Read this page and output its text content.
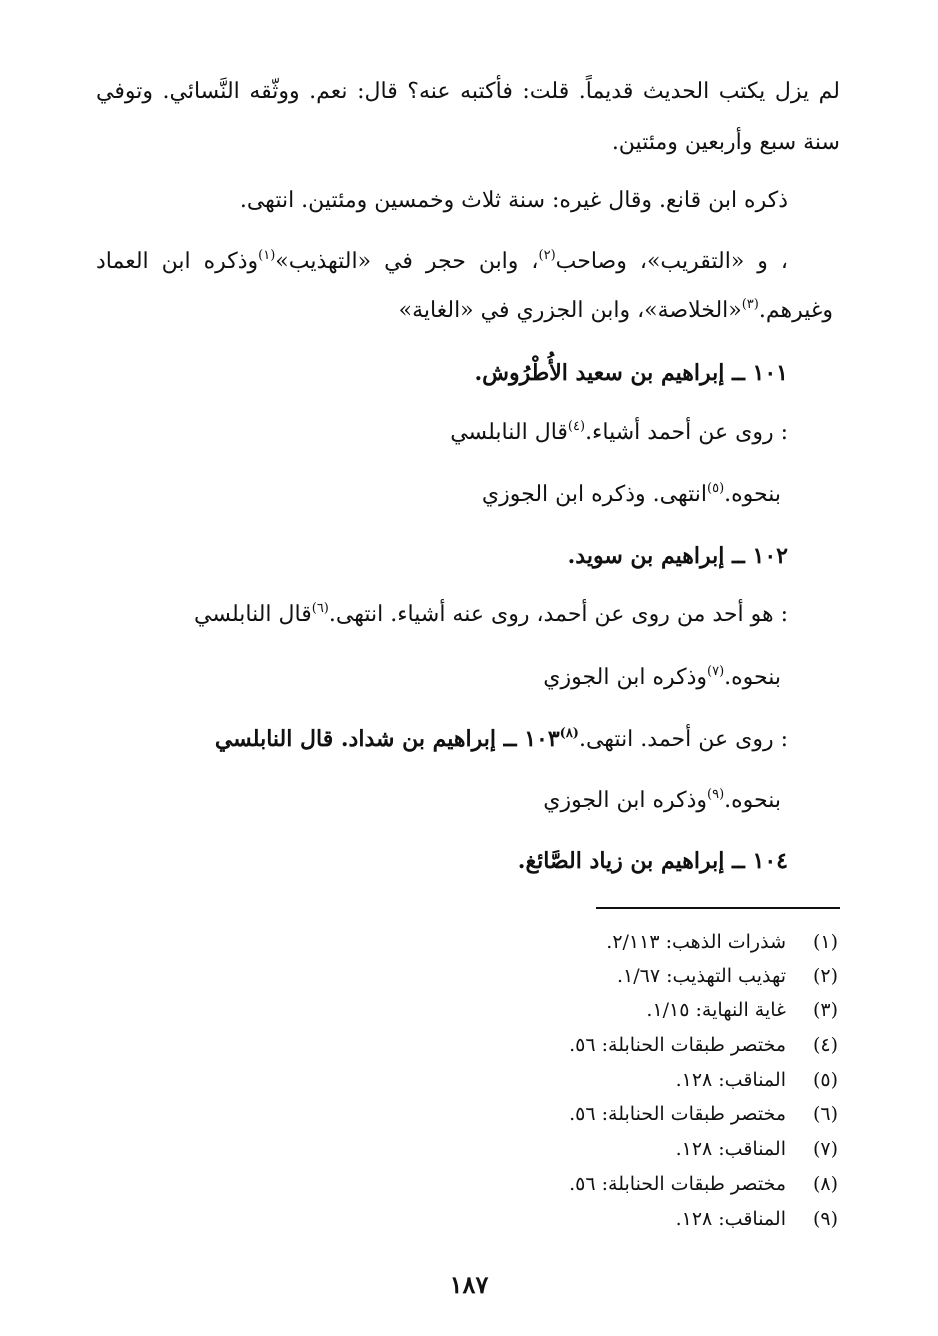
لم يزل يكتب الحديث قديماً. قلت: فأكتبه عنه؟ قال: نعم. ووثّقه النَّسائي. وتوفي
سنة سبع وأربعين ومئتين.
ذكره ابن قانع. وقال غيره: سنة ثلاث وخمسين ومئتين. انتهى.
وذكره ابن العماد$^{(١)}$، وابن حجر في «التهذيب»$^{(٢)}$، و «التقريب»، وصاحب
«الخلاصة»، وابن الجزري في «الغاية»$^{(٣)}$ وغيرهم.
١٠١ ــ إبراهيم بن سعيد الأُطْرُوش.
قال النابلسي$^{(٤)}$: روى عن أحمد أشياء.
انتهى. وذكره ابن الجوزي$^{(٥)}$ بنحوه.
١٠٢ ــ إبراهيم بن سويد.
قال النابلسي$^{(٦)}$: هو أحد من روى عن أحمد، روى عنه أشياء. انتهى.
وذكره ابن الجوزي$^{(٧)}$ بنحوه.
١٠٣ ــ إبراهيم بن شداد. قال النابلسي$^{(٨)}$: روى عن أحمد. انتهى.
وذكره ابن الجوزي$^{(٩)}$ بنحوه.
١٠٤ ــ إبراهيم بن زياد الصَّائغ.
(١)شذرات الذهب: ٢/١١٣.
(٢)تهذيب التهذيب: ١/٦٧.
(٣)غاية النهاية: ١/١٥.
(٤)مختصر طبقات الحنابلة: ٥٦.
(٥)المناقب: ١٢٨.
(٦)مختصر طبقات الحنابلة: ٥٦.
(٧)المناقب: ١٢٨.
(٨)مختصر طبقات الحنابلة: ٥٦.
(٩)المناقب: ١٢٨.
١٨٧
